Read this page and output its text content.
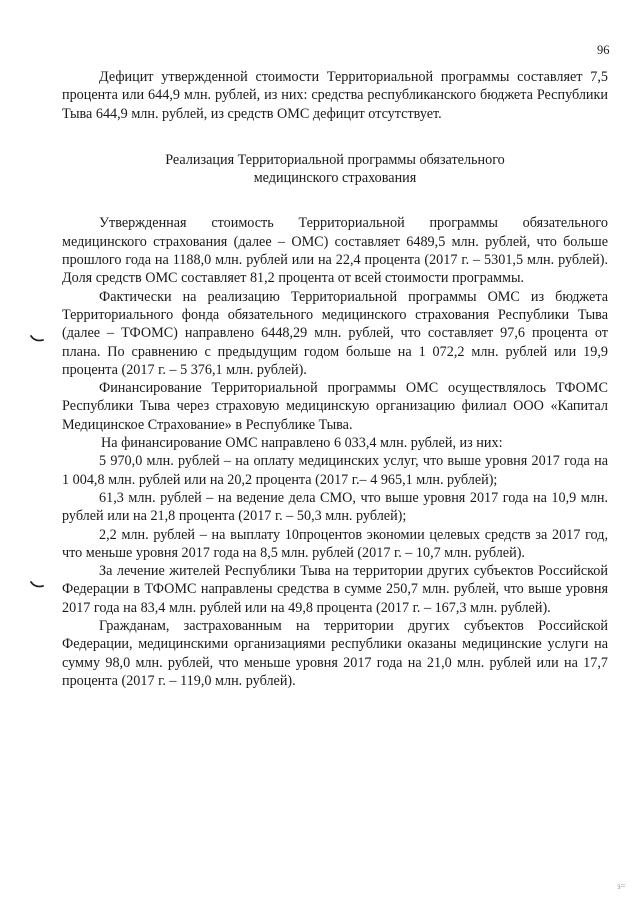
96

Дефицит утвержденной стоимости Территориальной программы составляет 7,5 процента или 644,9 млн. рублей, из них: средства республиканского бюджета Республики Тыва 644,9 млн. рублей, из средств ОМС дефицит отсутствует.

Реализация Территориальной программы обязательного медицинского страхования

Утвержденная стоимость Территориальной программы обязательного медицинского страхования (далее – ОМС) составляет 6489,5 млн. рублей, что больше прошлого года на 1188,0 млн. рублей или на 22,4 процента (2017 г. – 5301,5 млн. рублей). Доля средств ОМС составляет 81,2 процента от всей стоимости программы.

Фактически на реализацию Территориальной программы ОМС из бюджета Территориального фонда обязательного медицинского страхования Республики Тыва (далее – ТФОМС) направлено 6448,29 млн. рублей, что составляет 97,6 процента от плана. По сравнению с предыдущим годом больше на 1 072,2 млн. рублей или 19,9 процента (2017 г. – 5 376,1 млн. рублей).

Финансирование Территориальной программы ОМС осуществлялось ТФОМС Республики Тыва через страховую медицинскую организацию филиал ООО «Капитал Медицинское Страхование» в Республике Тыва.

На финансирование ОМС направлено 6 033,4 млн. рублей, из них:

5 970,0 млн. рублей – на оплату медицинских услуг, что выше уровня 2017 года на 1 004,8 млн. рублей или на 20,2 процента (2017 г.– 4 965,1 млн. рублей);

61,3 млн. рублей – на ведение дела СМО, что выше уровня 2017 года на 10,9 млн. рублей или на 21,8 процента (2017 г. – 50,3 млн. рублей);

2,2 млн. рублей – на выплату 10процентов экономии целевых средств за 2017 год, что меньше уровня 2017 года на 8,5 млн. рублей (2017 г. – 10,7 млн. рублей).

За лечение жителей Республики Тыва на территории других субъектов Российской Федерации в ТФОМС направлены средства в сумме 250,7 млн. рублей, что выше уровня 2017 года на 83,4 млн. рублей или на 49,8 процента (2017 г. – 167,3 млн. рублей).

Гражданам, застрахованным на территории других субъектов Российской Федерации, медицинскими организациями республики оказаны медицинские услуги на сумму 98,0 млн. рублей, что меньше уровня 2017 года на 21,0 млн. рублей или на 17,7 процента (2017 г. – 119,0 млн. рублей).

з=
